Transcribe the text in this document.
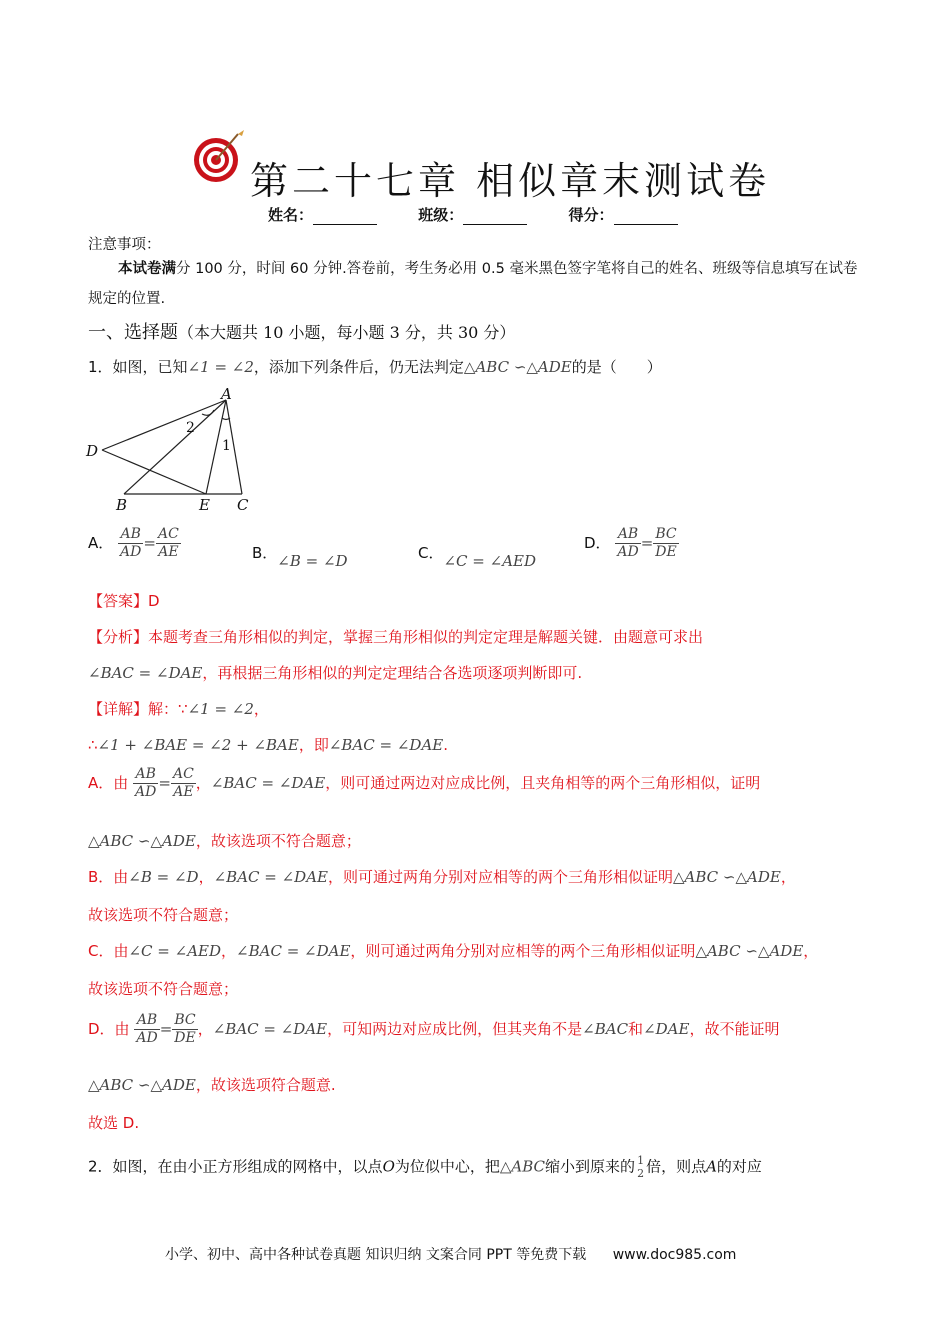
第二十七章 相似章末测试卷
姓名：	班级：	得分：
注意事项：
本试卷满分 100 分，时间 60 分钟.答卷前，考生务必用 0.5 毫米黑色签字笔将自己的姓名、班级等信息填写在试卷规定的位置.
一、选择题（本大题共 10 小题，每小题 3 分，共 30 分）
1．如图，已知∠1 = ∠2，添加下列条件后，仍无法判定△ABC ∽△ADE的是（　　）
A
D
B	E C
2
1
A． $\frac{AB}{AD} = \frac{AC}{AE}$	B．∠B = ∠D	C．∠C = ∠AED
D． $\frac{AB}{AD} = \frac{BC}{DE}$
【答案】D
【分析】本题考查三角形相似的判定，掌握三角形相似的判定定理是解题关键．由题意可求出
∠BAC = ∠DAE，再根据三角形相似的判定定理结合各选项逐项判断即可.
【详解】解：∵∠1 = ∠2，
∴∠1 + ∠BAE = ∠2 + ∠BAE，即∠BAC = ∠DAE.
A．由 $\frac{AB}{AD} = \frac{AC}{AE}$ ，∠BAC = ∠DAE，则可通过两边对应成比例，且夹角相等的两个三角形相似，证明
△ABC ∽△ADE，故该选项不符合题意；
B．由∠B = ∠D，∠BAC = ∠DAE，则可通过两角分别对应相等的两个三角形相似证明△ABC ∽△ADE，
故该选项不符合题意；
C．由∠C = ∠AED，∠BAC = ∠DAE，则可通过两角分别对应相等的两个三角形相似证明△ABC ∽△ADE，
故该选项不符合题意；
D．由 $\frac{AB}{AD} = \frac{BC}{DE}$ ，∠BAC = ∠DAE，可知两边对应成比例，但其夹角不是∠BAC和∠DAE，故不能证明
△ABC ∽△ADE，故该选项符合题意.
故选 D.
2．如图，在由小正方形组成的网格中，以点O为位似中心，把△ABC缩小到原来的 1
2 倍，则点A的对应
小学、初中、高中各种试卷真题 知识归纳 文案合同 PPT 等免费下载 www.doc985.com
